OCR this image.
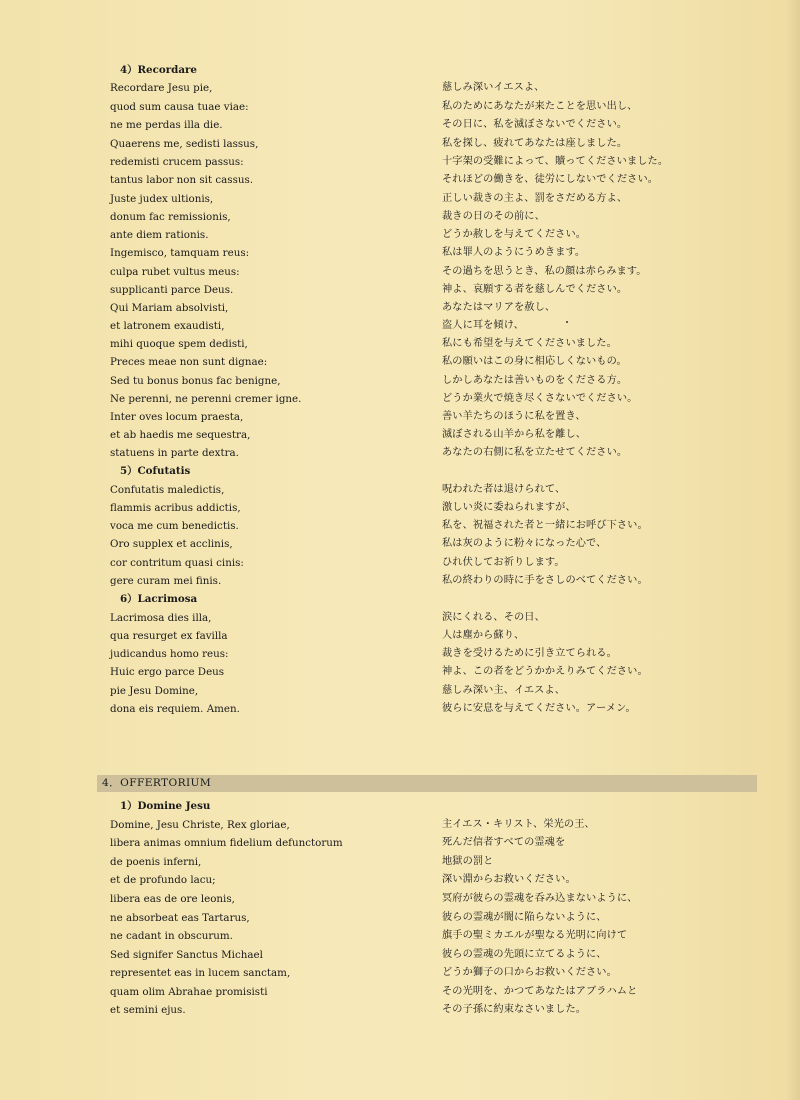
4）Recordare
Recordare Jesu pie,
quod sum causa tuae viae:
ne me perdas illa die.
Quaerens me, sedisti lassus,
redemisti crucem passus:
tantus labor non sit cassus.
Juste judex ultionis,
donum fac remissionis,
ante diem rationis.
Ingemisco, tamquam reus:
culpa rubet vultus meus:
supplicanti parce Deus.
Qui Mariam absolvisti,
et latronem exaudisti,
mihi quoque spem dedisti,
Preces meae non sunt dignae:
Sed tu bonus bonus fac benigne,
Ne perenni, ne perenni cremer igne.
Inter oves locum praesta,
et ab haedis me sequestra,
statuens in parte dextra.
慈しみ深いイエスよ、
私のためにあなたが来たことを思い出し、
その日に、私を滅ぼさないでください。
私を探し、疲れてあなたは座しました。
十字架の受難によって、贖ってくださいました。
それほどの働きを、徒労にしないでください。
正しい裁きの主よ、罰をさだめる方よ、
裁きの日のその前に、
どうか赦しを与えてください。
私は罪人のようにうめきます。
その過ちを思うとき、私の顔は赤らみます。
神よ、哀願する者を慈しんでください。
あなたはマリアを赦し、
盗人に耳を傾け、
私にも希望を与えてくださいました。
私の願いはこの身に相応しくないもの。
しかしあなたは善いものをくださる方。
どうか業火で焼き尽くさないでください。
善い羊たちのほうに私を置き、
滅ぼされる山羊から私を離し、
あなたの右側に私を立たせてください。
5）Cofutatis
Confutatis maledictis,
flammis acribus addictis,
voca me cum benedictis.
Oro supplex et acclinis,
cor contritum quasi cinis:
gere curam mei finis.
呪われた者は退けられて、
激しい炎に委ねられますが、
私を、祝福された者と一緒にお呼び下さい。
私は灰のように粉々になった心で、
ひれ伏してお祈りします。
私の終わりの時に手をさしのべてください。
6）Lacrimosa
Lacrimosa dies illa,
qua resurget ex favilla
judicandus homo reus:
Huic ergo parce Deus
pie Jesu Domine,
dona eis requiem. Amen.
涙にくれる、その日、
人は塵から蘇り、
裁きを受けるために引き立てられる。
神よ、この者をどうかかえりみてください。
慈しみ深い主、イエスよ、
彼らに安息を与えてください。アーメン。
4．OFFERTORIUM
1）Domine Jesu
Domine, Jesu Christe, Rex gloriae,
libera animas omnium fidelium defunctorum
de poenis inferni,
et de profundo lacu;
libera eas de ore leonis,
ne absorbeat eas Tartarus,
ne cadant in obscurum.
Sed signifer Sanctus Michael
representet eas in lucem sanctam,
quam olim Abrahae promisisti
et semini ejus.
主イエス・キリスト、栄光の王、
死んだ信者すべての霊魂を
地獄の罰と
深い淵からお救いください。
冥府が彼らの霊魂を呑み込まないように、
彼らの霊魂が闇に陥らないように、
旗手の聖ミカエルが聖なる光明に向けて
彼らの霊魂の先頭に立てるように、
どうか獅子の口からお救いください。
その光明を、かつてあなたはアブラハムと
その子孫に約束なさいました。
